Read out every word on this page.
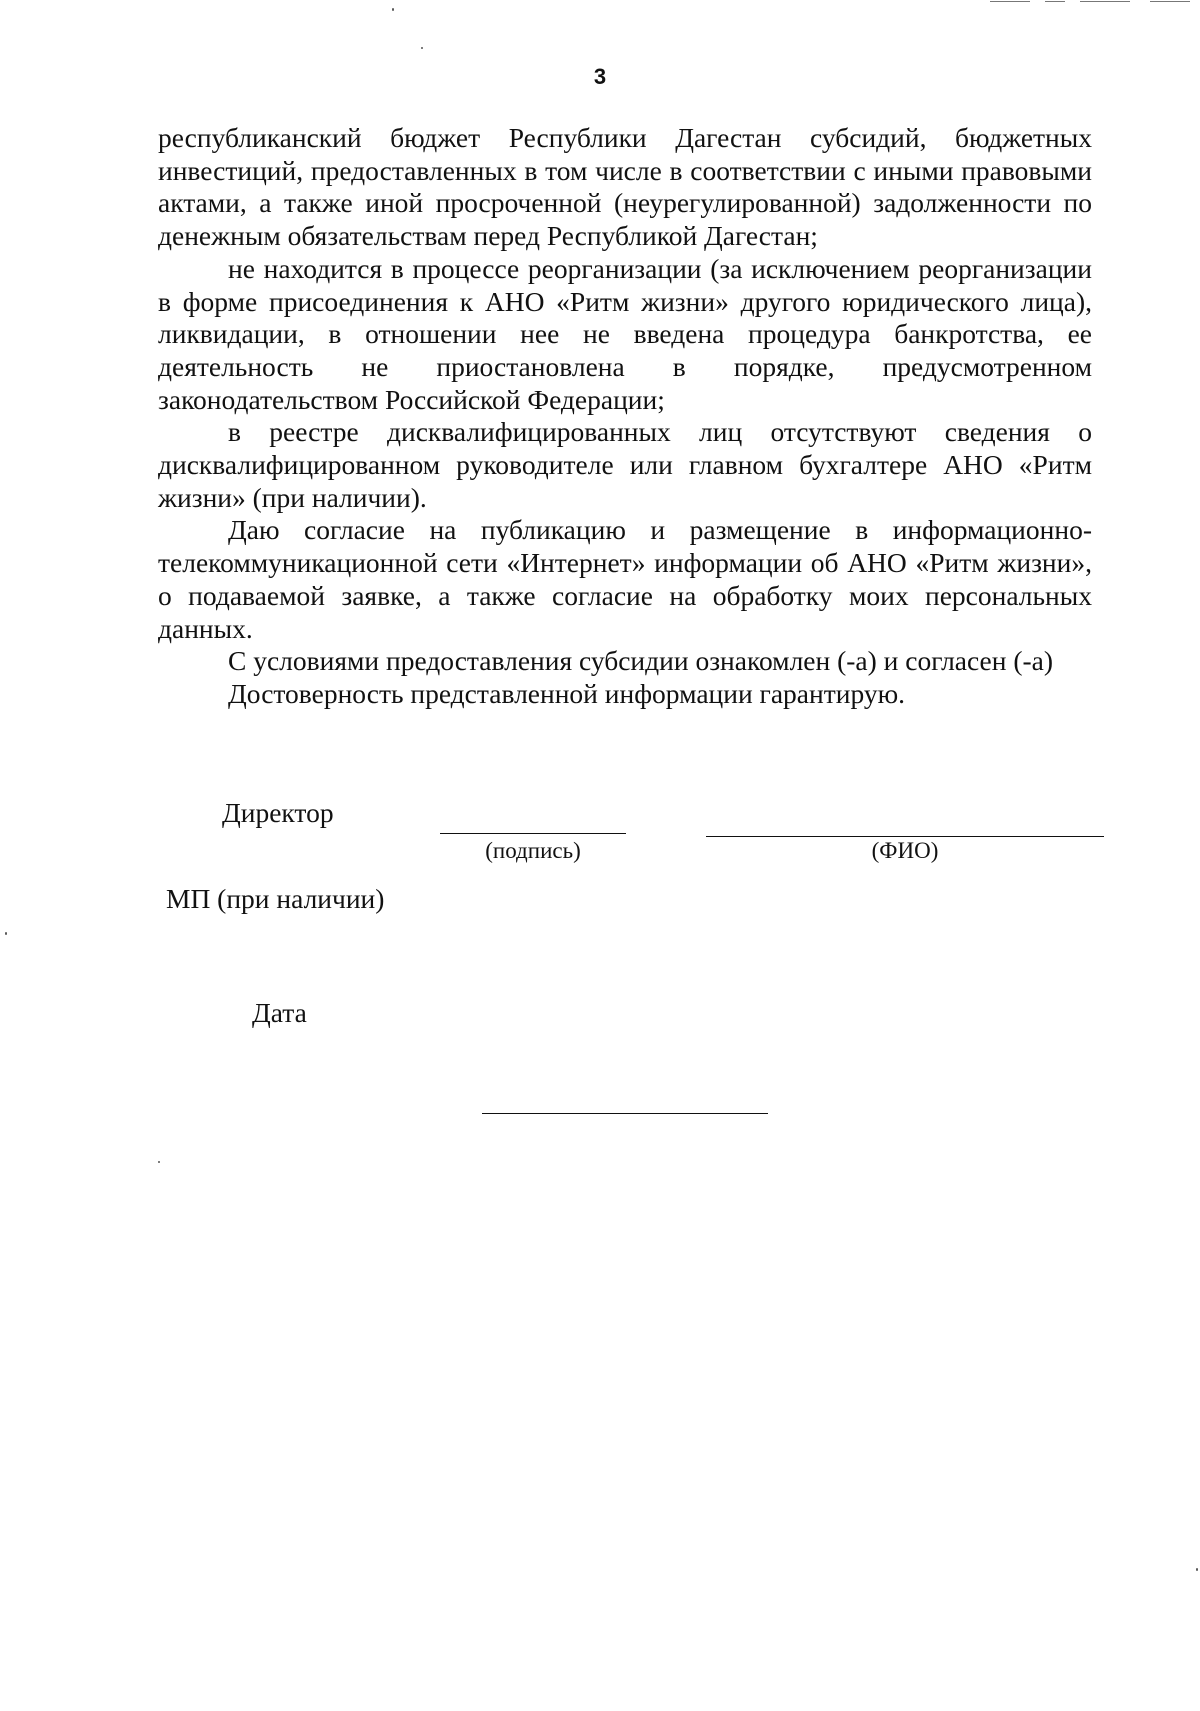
3

республиканский бюджет Республики Дагестан субсидий, бюджетных инвестиций, предоставленных в том числе в соответствии с иными правовыми актами, а также иной просроченной (неурегулированной) задолженности по денежным обязательствам перед Республикой Дагестан;

не находится в процессе реорганизации (за исключением реорганизации в форме присоединения к АНО «Ритм жизни» другого юридического лица), ликвидации, в отношении нее не введена процедура банкротства, ее деятельность не приостановлена в порядке, предусмотренном законодательством Российской Федерации;

в реестре дисквалифицированных лиц отсутствуют сведения о дисквалифицированном руководителе или главном бухгалтере АНО «Ритм жизни» (при наличии).

Даю согласие на публикацию и размещение в информационно-телекоммуникационной сети «Интернет» информации об АНО «Ритм жизни», о подаваемой заявке, а также согласие на обработку моих персональных данных.

С условиями предоставления субсидии ознакомлен (-а) и согласен (-а)

Достоверность представленной информации гарантирую.

Директор
(подпись)	(ФИО)
МП (при наличии)
Дата
